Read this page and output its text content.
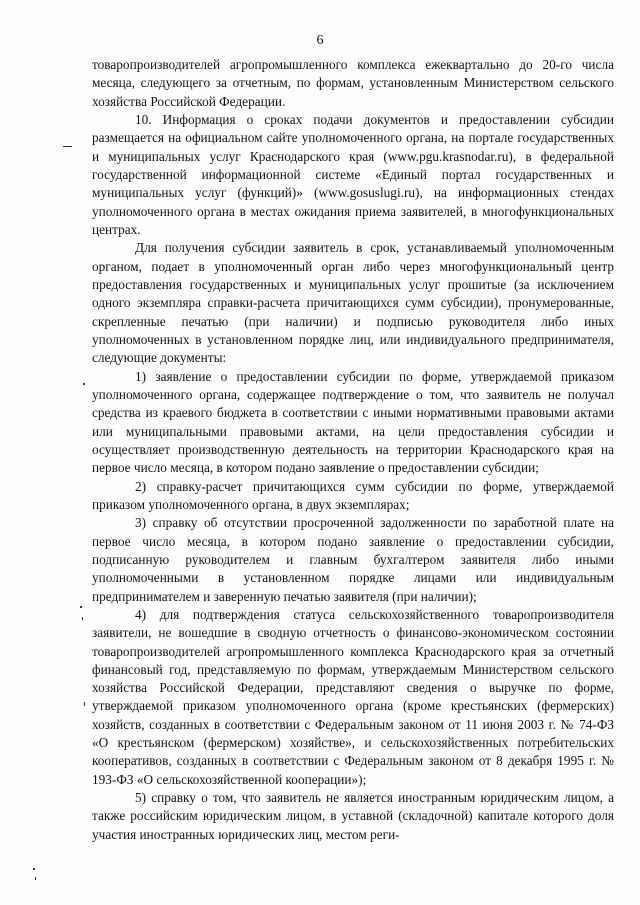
6

товаропроизводителей агропромышленного комплекса ежеквартально до 20-го числа месяца, следующего за отчетным, по формам, установленным Министерством сельского хозяйства Российской Федерации.

10. Информация о сроках подачи документов и предоставлении субсидии размещается на официальном сайте уполномоченного органа, на портале государственных и муниципальных услуг Краснодарского края (www.pgu.krasnodar.ru), в федеральной государственной информационной системе «Единый портал государственных и муниципальных услуг (функций)» (www.gosuslugi.ru), на информационных стендах уполномоченного органа в местах ожидания приема заявителей, в многофункциональных центрах.

Для получения субсидии заявитель в срок, устанавливаемый уполномоченным органом, подает в уполномоченный орган либо через многофункциональный центр предоставления государственных и муниципальных услуг прошитые (за исключением одного экземпляра справки-расчета причитающихся сумм субсидии), пронумерованные, скрепленные печатью (при наличии) и подписью руководителя либо иных уполномоченных в установленном порядке лиц, или индивидуального предпринимателя, следующие документы:

1) заявление о предоставлении субсидии по форме, утверждаемой приказом уполномоченного органа, содержащее подтверждение о том, что заявитель не получал средства из краевого бюджета в соответствии с иными нормативными правовыми актами или муниципальными правовыми актами, на цели предоставления субсидии и осуществляет производственную деятельность на территории Краснодарского края на первое число месяца, в котором подано заявление о предоставлении субсидии;

2) справку-расчет причитающихся сумм субсидии по форме, утверждаемой приказом уполномоченного органа, в двух экземплярах;

3) справку об отсутствии просроченной задолженности по заработной плате на первое число месяца, в котором подано заявление о предоставлении субсидии, подписанную руководителем и главным бухгалтером заявителя либо иными уполномоченными в установленном порядке лицами или индивидуальным предпринимателем и заверенную печатью заявителя (при наличии);

4) для подтверждения статуса сельскохозяйственного товаропроизводителя заявители, не вошедшие в сводную отчетность о финансово-экономическом состоянии товаропроизводителей агропромышленного комплекса Краснодарского края за отчетный финансовый год, представляемую по формам, утверждаемым Министерством сельского хозяйства Российской Федерации, представляют сведения о выручке по форме, утверждаемой приказом уполномоченного органа (кроме крестьянских (фермерских) хозяйств, созданных в соответствии с Федеральным законом от 11 июня 2003 г. № 74-ФЗ «О крестьянском (фермерском) хозяйстве», и сельскохозяйственных потребительских кооперативов, созданных в соответствии с Федеральным законом от 8 декабря 1995 г. № 193-ФЗ «О сельскохозяйственной кооперации»);

5) справку о том, что заявитель не является иностранным юридическим лицом, а также российским юридическим лицом, в уставной (складочной) капитале которого доля участия иностранных юридических лиц, местом реги-
